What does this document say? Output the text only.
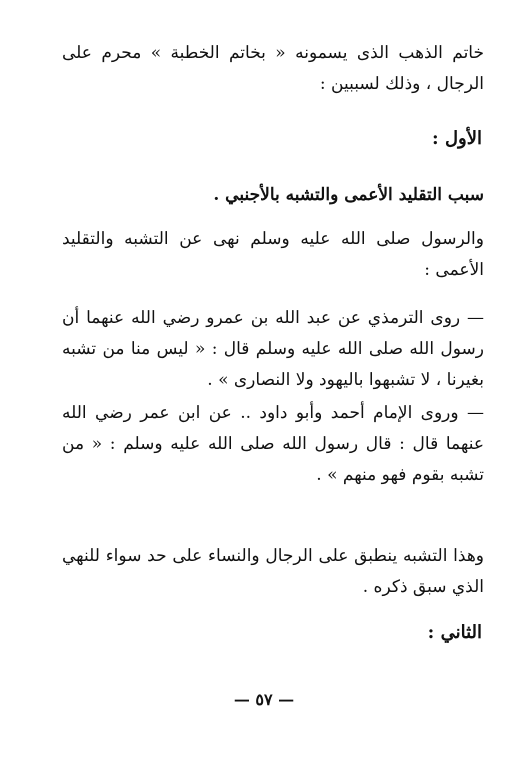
خاتم الذهب الذى يسمونه « بخاتم الخطبة » محرم على الرجال ، وذلك لسببين :
الأول :
سبب التقليد الأعمى والتشبه بالأجنبي .
والرسول صلى الله عليه وسلم نهى عن التشبه والتقليد الأعمى :
— روى الترمذي عن عبد الله بن عمرو رضي الله عنهما أن رسول الله صلى الله عليه وسلم قال : « ليس منا من تشبه بغيرنا ، لا تشبهوا باليهود ولا النصارى » .
— وروى الإمام أحمد وأبو داود .. عن ابن عمر رضي الله عنهما قال : قال رسول الله صلى الله عليه وسلم : « من تشبه بقوم فهو منهم » .
وهذا التشبه ينطبق على الرجال والنساء على حد سواء للنهي الذي سبق ذكره .
الثاني :
— ٥٧ —
